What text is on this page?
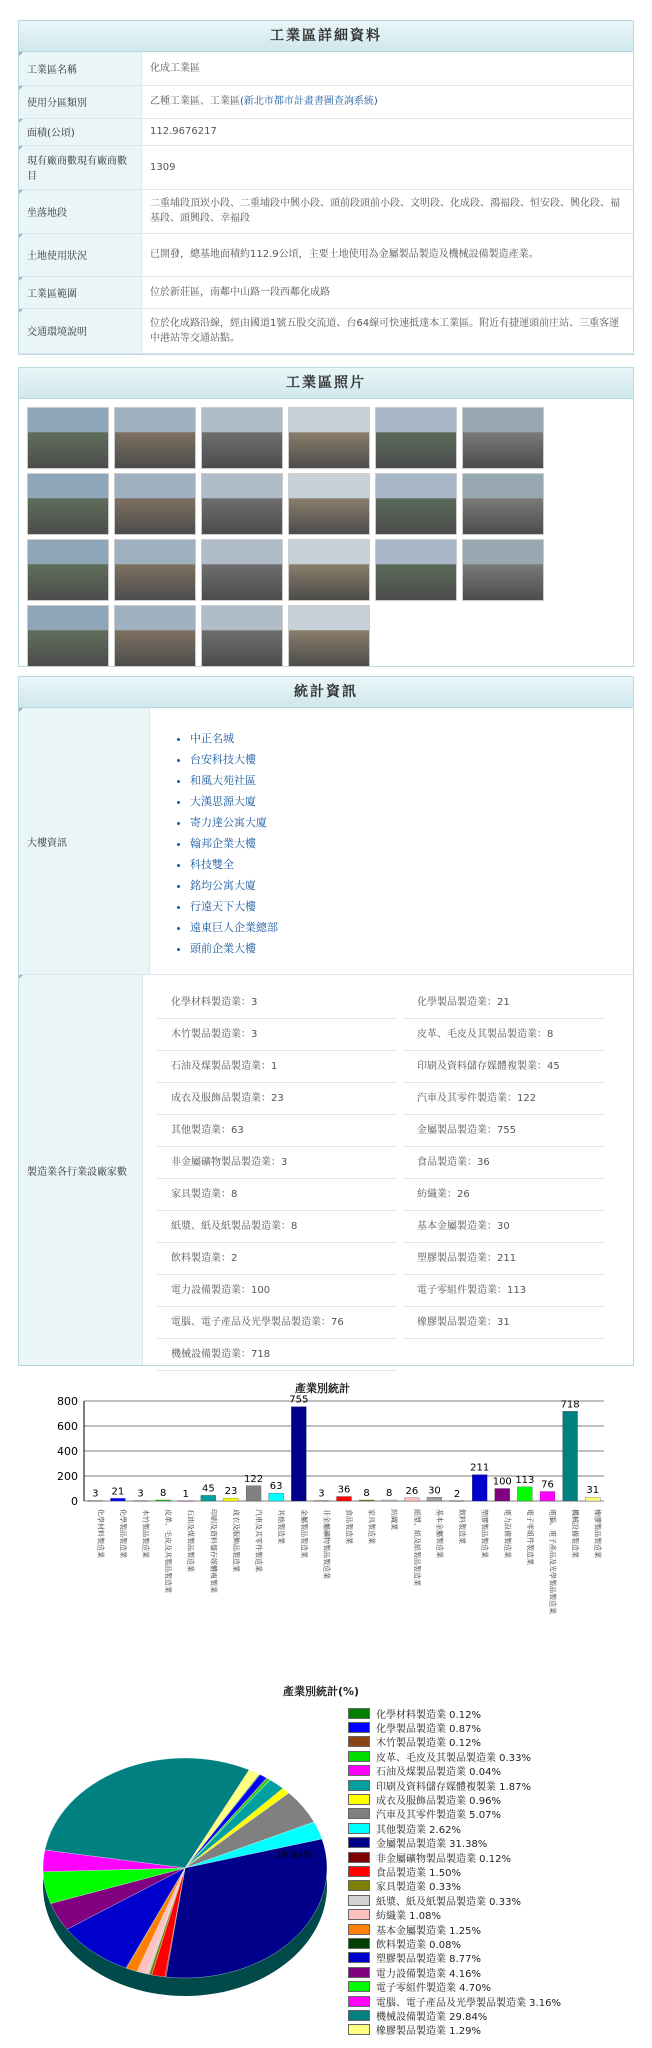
工業區詳細資料
工業區名稱	化成工業區
使用分區類別	乙種工業區、工業區(新北市都市計畫書圖查詢系統)
面積(公頃)	112.9676217
現有廠商數現有廠商數目	1309
坐落地段	二重埔段頂崁小段、二重埔段中興小段、頭前段頭前小段、文明段、化成段、鴻福段、恒安段、興化段、福基段、頭興段、幸福段
土地使用狀況	已開發，總基地面積約112.9公頃，主要土地使用為金屬製品製造及機械設備製造產業。
工業區範圍	位於新莊區，南鄰中山路一段西鄰化成路
交通環境說明	位於化成路沿線，經由國道1號五股交流道、台64線可快速抵達本工業區。附近有捷運頭前庄站、三重客運中港站等交通站點。
工業區照片
統計資訊
大樓資訊
• 中正名城
• 台安科技大樓
• 和風大苑社區
• 大漢思源大廈
• 寄力達公寓大廈
• 翰邦企業大樓
• 科技雙全
• 銘均公寓大廈
• 行遠天下大樓
• 遠東巨人企業總部
• 頭前企業大樓
製造業各行業設廠家數
化學材料製造業：3	化學製品製造業：21
木竹製品製造業：3	皮革、毛皮及其製品製造業：8
石油及煤製品製造業：1	印刷及資料儲存媒體複製業：45
成衣及服飾品製造業：23	汽車及其零件製造業：122
其他製造業：63	金屬製品製造業：755
非金屬礦物製品製造業：3	食品製造業：36
家具製造業：8	紡織業：26
紙漿、紙及紙製品製造業：8	基本金屬製造業：30
飲料製造業：2	塑膠製品製造業：211
電力設備製造業：100	電子零組件製造業：113
電腦、電子產品及光學製品製造業：76	橡膠製品製造業：31
機械設備製造業：718
產業別統計
0
200
400
600
800
3
化學材料製造業
21
化學製品製造業
3
木竹製品製造業
8
皮革、毛皮及其製品製造業
1
石油及煤製品製造業
45
印刷及資料儲存媒體複製業
23
成衣及服飾品製造業
122
汽車及其零件製造業
63
其他製造業
755
金屬製品製造業
3
非金屬礦物製品製造業
36
食品製造業
8
家具製造業
8
紡織業
26
紙漿、紙及紙製品製造業
30
基本金屬製造業
2
飲料製造業
211
塑膠製品製造業
100
電力設備製造業
113
電子零組件製造業
76
電腦、電子產品及光學製品製造業
718
機械設備製造業
31
橡膠製品製造業
產業別統計(%)
29.84%
化學材料製造業 0.12%
化學製品製造業 0.87%
木竹製品製造業 0.12%
皮革、毛皮及其製品製造業 0.33%
石油及煤製品製造業 0.04%
印刷及資料儲存媒體複製業 1.87%
成衣及服飾品製造業 0.96%
汽車及其零件製造業 5.07%
其他製造業 2.62%
金屬製品製造業 31.38%
非金屬礦物製品製造業 0.12%
食品製造業 1.50%
家具製造業 0.33%
紙漿、紙及紙製品製造業 0.33%
紡織業 1.08%
基本金屬製造業 1.25%
飲料製造業 0.08%
塑膠製品製造業 8.77%
電力設備製造業 4.16%
電子零組件製造業 4.70%
電腦、電子產品及光學製品製造業 3.16%
機械設備製造業 29.84%
橡膠製品製造業 1.29%
